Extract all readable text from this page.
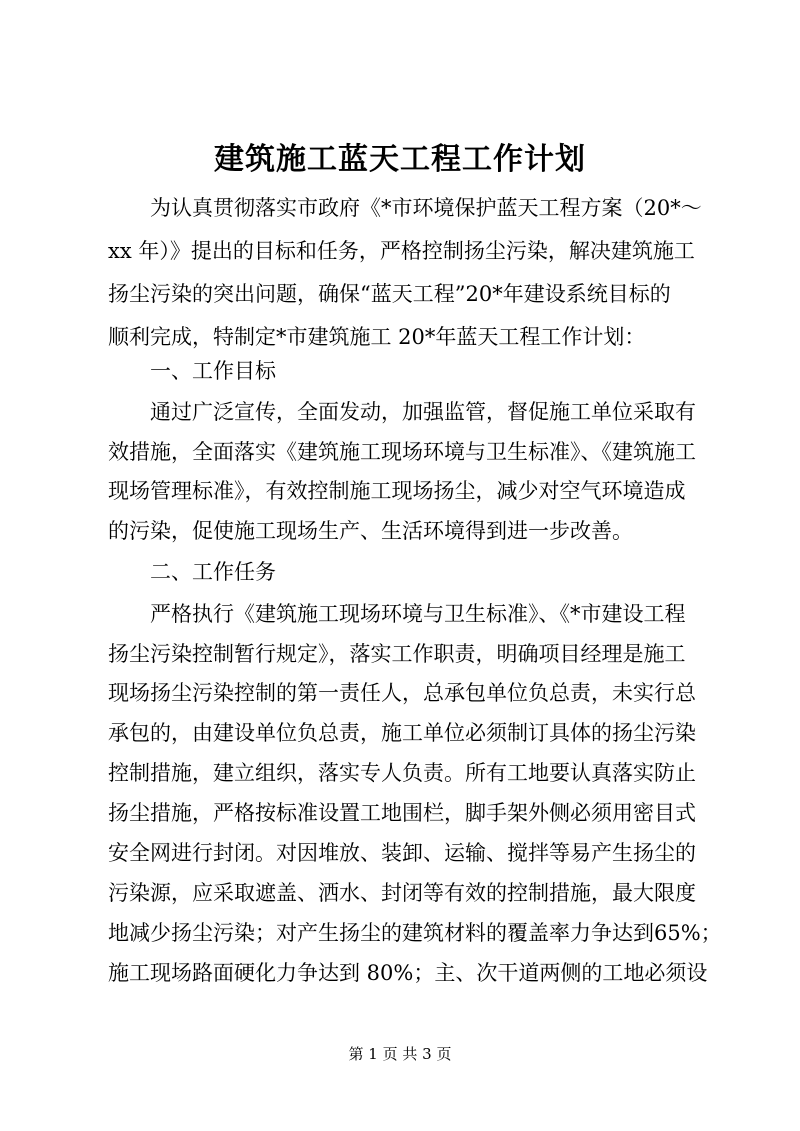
建筑施工蓝天工程工作计划
为认真贯彻落实市政府《*市环境保护蓝天工程方案（20*～
xx 年）》提出的目标和任务，严格控制扬尘污染，解决建筑施工
扬尘污染的突出问题，确保“蓝天工程”20*年建设系统目标的
顺利完成，特制定*市建筑施工 20*年蓝天工程工作计划：
一、工作目标
通过广泛宣传，全面发动，加强监管，督促施工单位采取有
效措施，全面落实《建筑施工现场环境与卫生标准》、《建筑施工
现场管理标准》，有效控制施工现场扬尘，减少对空气环境造成
的污染，促使施工现场生产、生活环境得到进一步改善。
二、工作任务
严格执行《建筑施工现场环境与卫生标准》、《*市建设工程
扬尘污染控制暂行规定》，落实工作职责，明确项目经理是施工
现场扬尘污染控制的第一责任人，总承包单位负总责，未实行总
承包的，由建设单位负总责，施工单位必须制订具体的扬尘污染
控制措施，建立组织，落实专人负责。所有工地要认真落实防止
扬尘措施，严格按标准设置工地围栏，脚手架外侧必须用密目式
安全网进行封闭。对因堆放、装卸、运输、搅拌等易产生扬尘的
污染源，应采取遮盖、洒水、封闭等有效的控制措施，最大限度
地减少扬尘污染；对产生扬尘的建筑材料的覆盖率力争达到65%；
施工现场路面硬化力争达到 80%；主、次干道两侧的工地必须设
第 1 页 共 3 页
